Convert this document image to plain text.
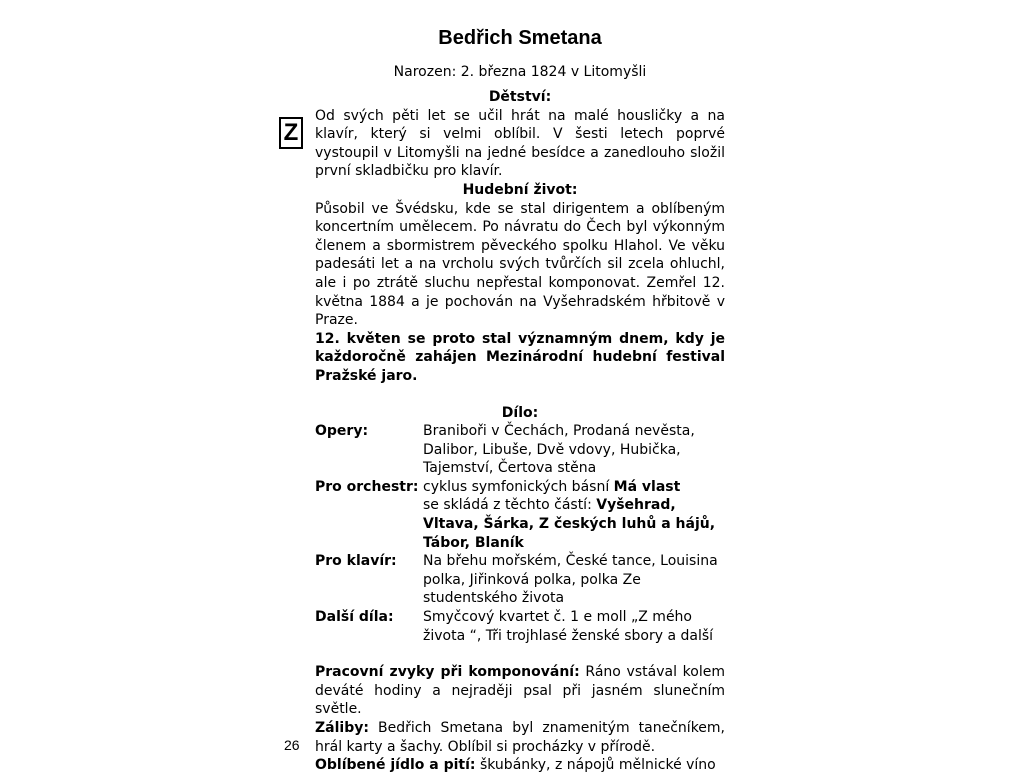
Bedřich Smetana
Narozen: 2. března 1824 v Litomyšli
Z
Dětství:
Od svých pěti let se učil hrát na malé housličky a na klavír, který si velmi oblíbil. V šesti letech poprvé vystoupil v Litomyšli na jedné besídce a zanedlouho složil první skladbičku pro klavír.
Hudební život:
Působil ve Švédsku, kde se stal dirigentem a oblíbeným koncertním umělecem. Po návratu do Čech byl výkonným členem a sbormistrem pěveckého spolku Hlahol. Ve věku padesáti let a na vrcholu svých tvůrčích sil zcela ohluchl, ale i po ztrátě sluchu nepřestal komponovat. Zemřel 12. května 1884 a je pochován na Vyšehradském hřbitově v Praze.
12. květen se proto stal významným dnem, kdy je každoročně zahájen Mezinárodní hudební festival Pražské jaro.
Dílo:
Opery:	Braniboři v Čechách, Prodaná nevěsta, Dalibor, Libuše, Dvě vdovy, Hubička, Tajemství, Čertova stěna
Pro orchestr: cyklus symfonických básní Má vlast
se skládá z těchto částí: Vyšehrad, Vltava, Šárka, Z českých luhů a hájů, Tábor, Blaník
Pro klavír:	Na břehu mořském, České tance, Louisina polka, Jiřinková polka, polka Ze studentského života
Další díla:	Smyčcový kvartet č. 1 e moll „Z mého života “, Tři trojhlasé ženské sbory a další
Pracovní zvyky při komponování: Ráno vstával kolem deváté hodiny a nejraději psal při jasném slunečním světle.
Záliby: Bedřich Smetana byl znamenitým tanečníkem, hrál karty a šachy. Oblíbil si procházky v přírodě.
Oblíbené jídlo a pití: škubánky, z nápojů mělnické víno
26
